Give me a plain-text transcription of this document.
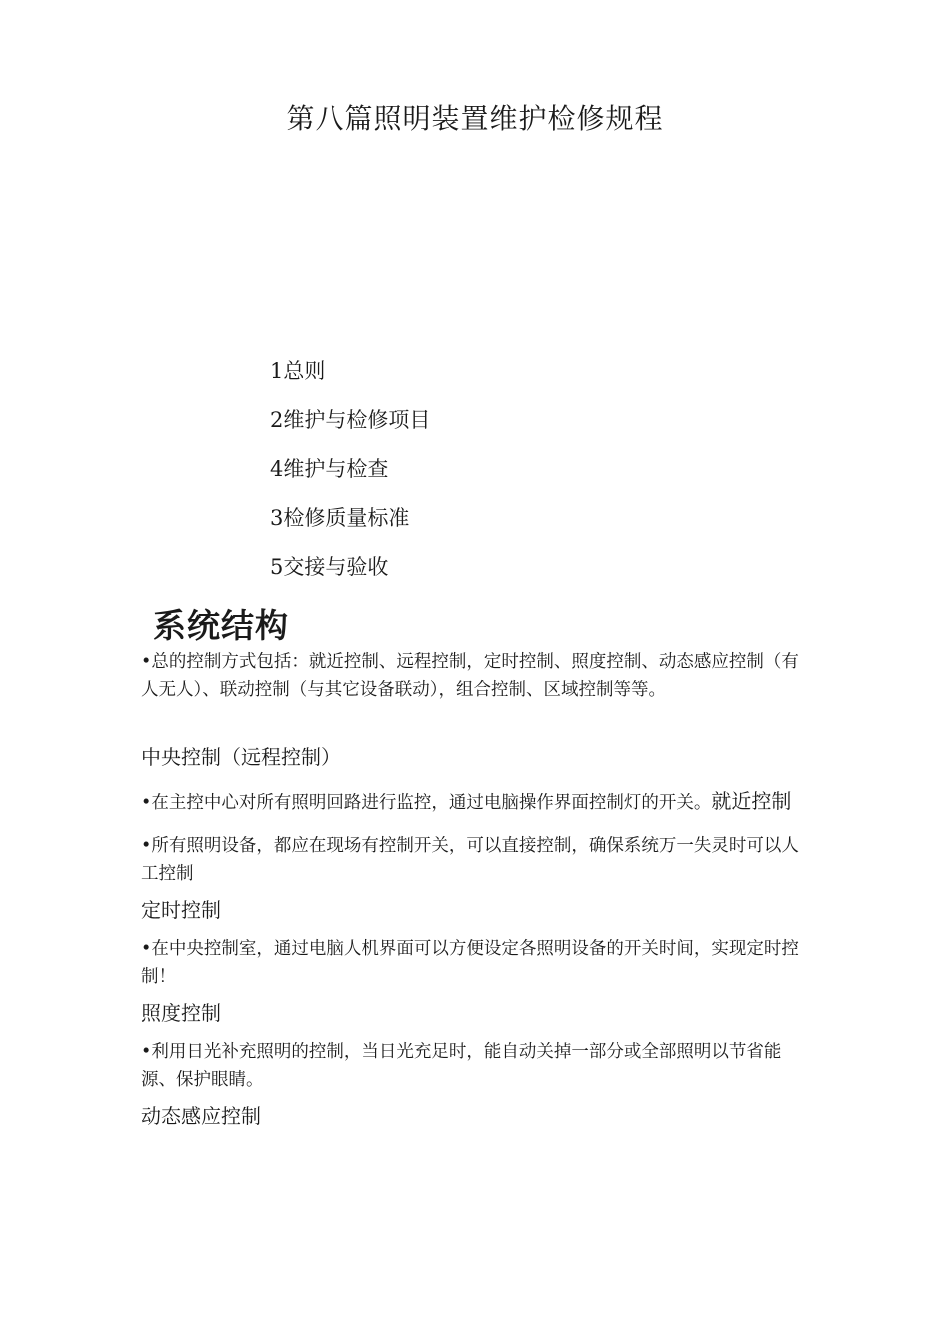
第八篇照明装置维护检修规程
1总则
2维护与检修项目
4维护与检查
3检修质量标准
5交接与验收
系统结构

•总的控制方式包括：就近控制、远程控制，定时控制、照度控制、动态感应控制（有人无人）、联动控制（与其它设备联动），组合控制、区域控制等等。

中央控制（远程控制）

•在主控中心对所有照明回路进行监控，通过电脑操作界面控制灯的开关。就近控制

•所有照明设备，都应在现场有控制开关，可以直接控制，确保系统万一失灵时可以人工控制

定时控制

•在中央控制室，通过电脑人机界面可以方便设定各照明设备的开关时间，实现定时控制！

照度控制

•利用日光补充照明的控制，当日光充足时，能自动关掉一部分或全部照明以节省能源、保护眼睛。

动态感应控制
